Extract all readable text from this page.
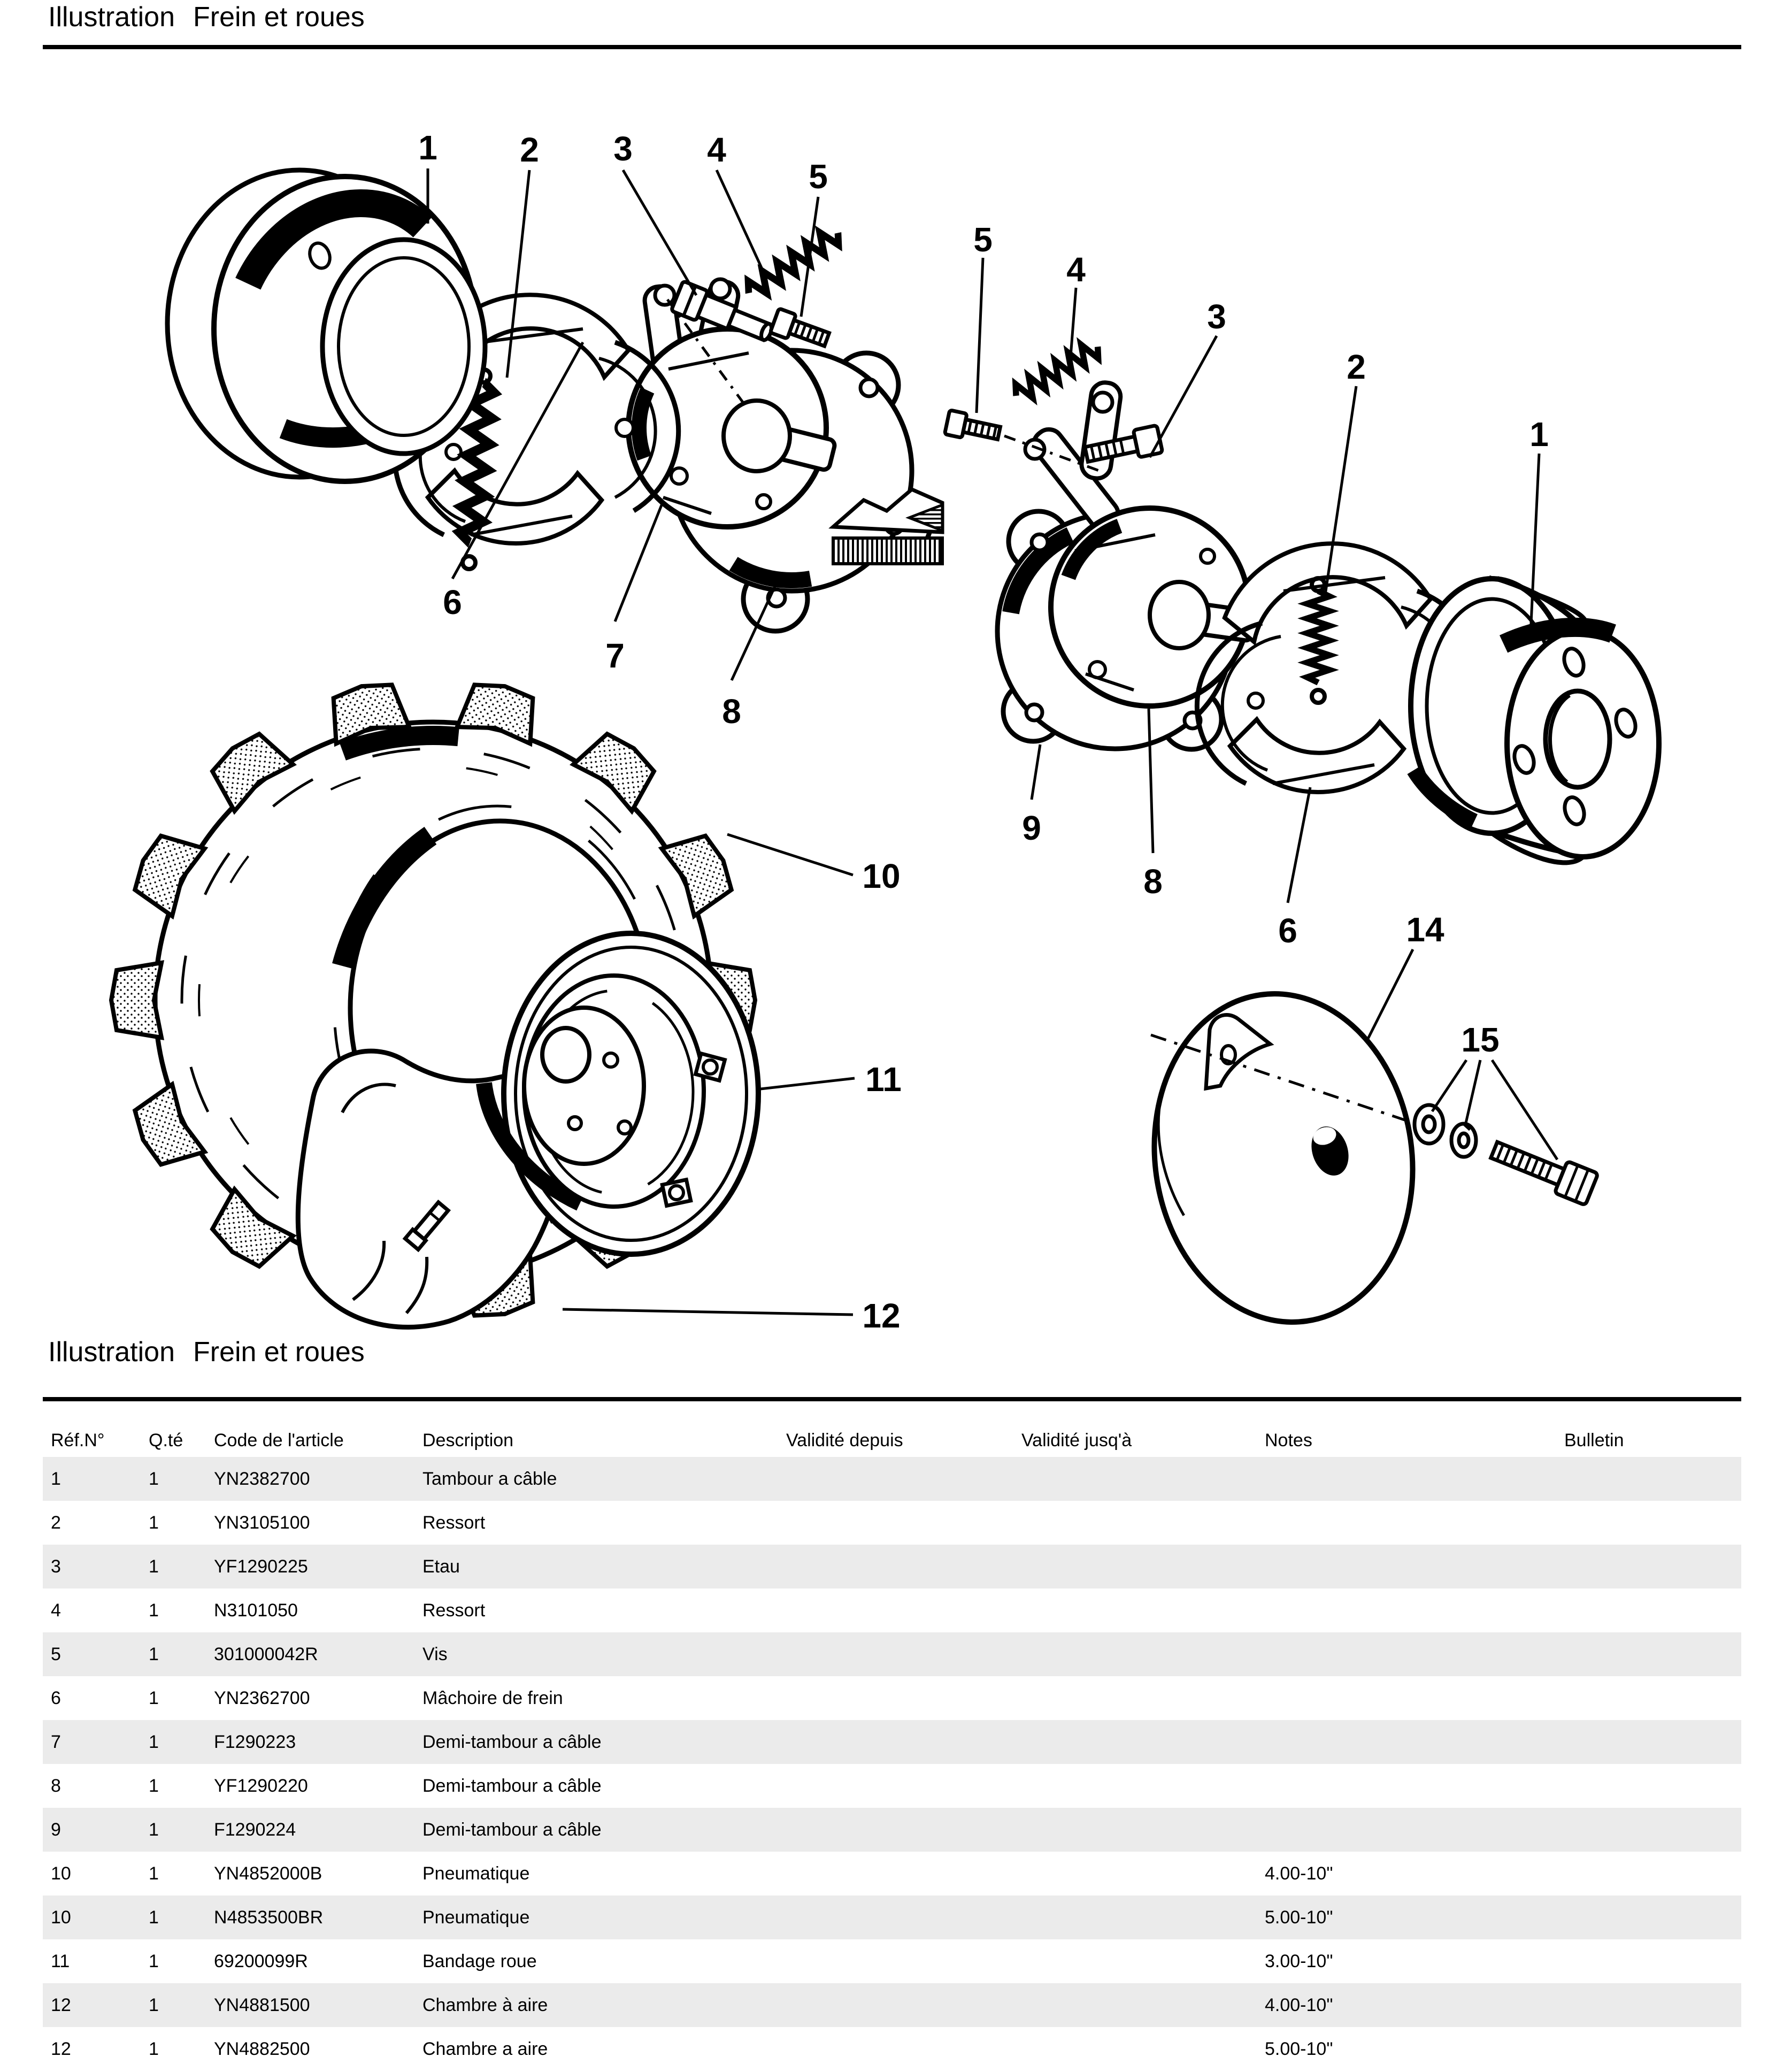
1 2 3 4
5
6
7
8
5
4
3
2
1
9
8
6
10
11
12
14
15
Illustration Frein et roues
Illustration Frein et roues
Réf.N°	Q.té	Code de l'article	Description	Validité depuis	Validité jusq'à	Notes	Bulletin
1	1	YN2382700	Tambour a câble				
2	1	YN3105100	Ressort				
3	1	YF1290225	Etau				
4	1	N3101050	Ressort				
5	1	301000042R	Vis				
6	1	YN2362700	Mâchoire de frein				
7	1	F1290223	Demi-tambour a câble				
8	1	YF1290220	Demi-tambour a câble				
9	1	F1290224	Demi-tambour a câble				
10	1	YN4852000B	Pneumatique			4.00-10"	
10	1	N4853500BR	Pneumatique			5.00-10"	
11	1	69200099R	Bandage roue			3.00-10"	
12	1	YN4881500	Chambre à aire			4.00-10"	
12	1	YN4882500	Chambre a aire			5.00-10"	
